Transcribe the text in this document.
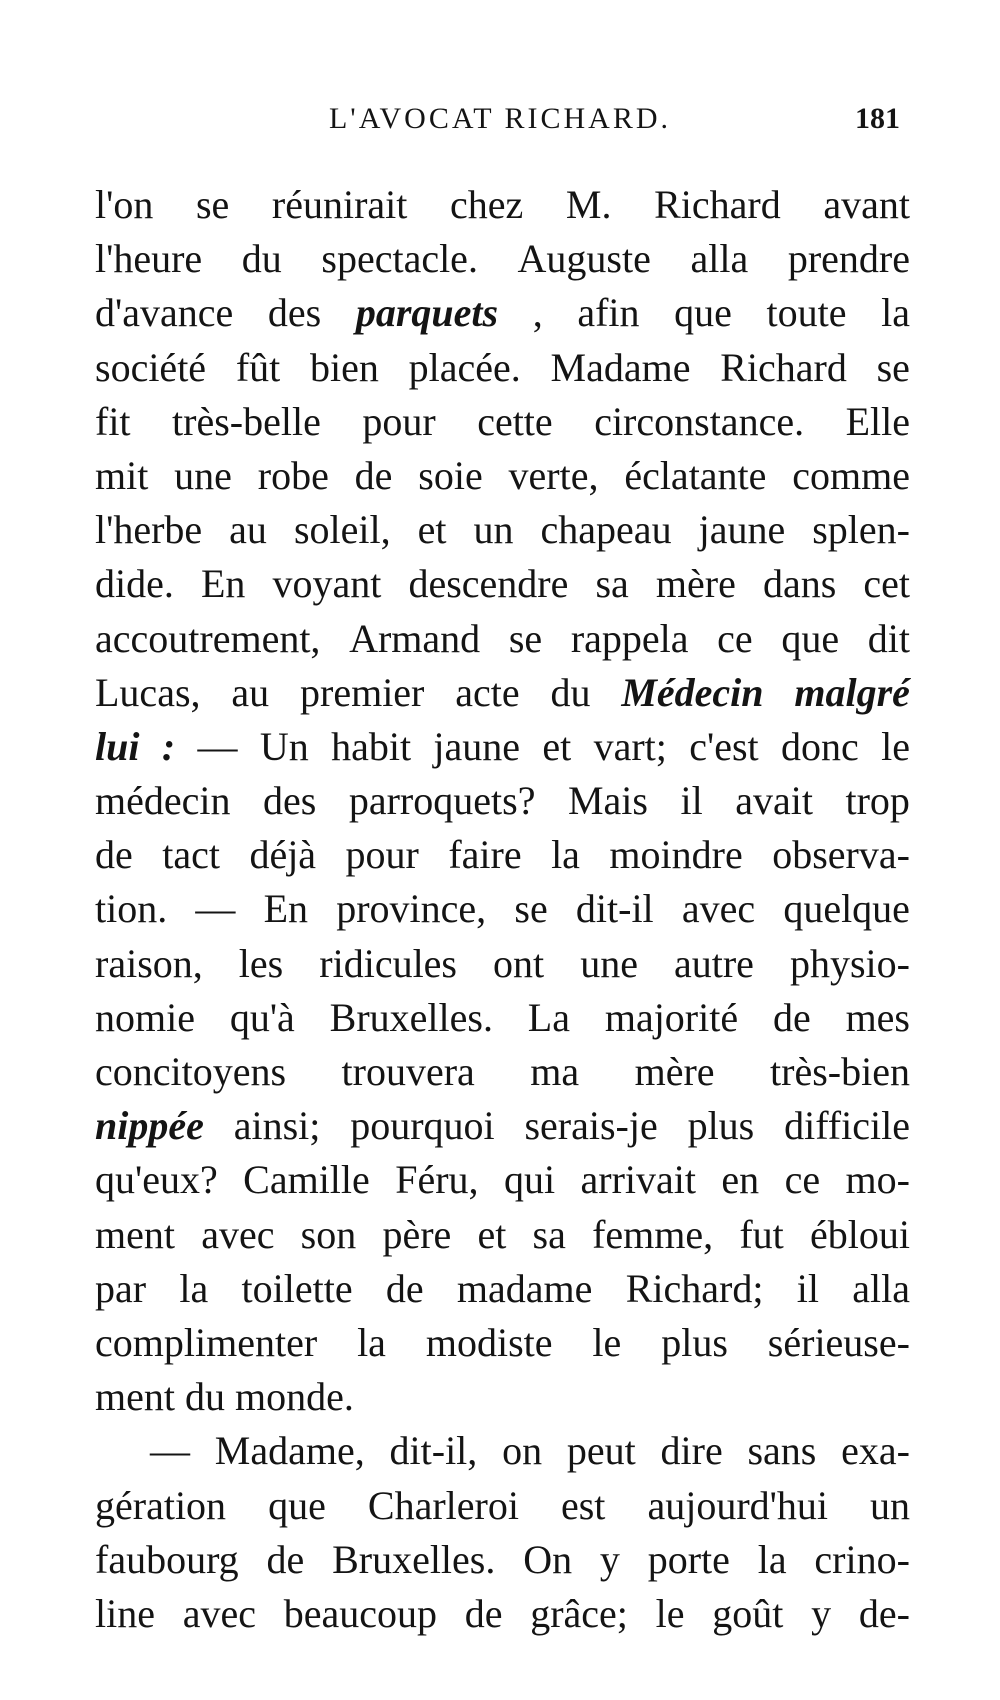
L'AVOCAT RICHARD.	181
l'on se réunirait chez M. Richard avant
l'heure du spectacle. Auguste alla prendre
d'avance des parquets , afin que toute la
société fût bien placée. Madame Richard se
fit très-belle pour cette circonstance. Elle
mit une robe de soie verte, éclatante comme
l'herbe au soleil, et un chapeau jaune splen-
dide. En voyant descendre sa mère dans cet
accoutrement, Armand se rappela ce que dit
Lucas, au premier acte du Médecin malgré
lui : — Un habit jaune et vart; c'est donc le
médecin des parroquets? Mais il avait trop
de tact déjà pour faire la moindre observa-
tion. — En province, se dit-il avec quelque
raison, les ridicules ont une autre physio-
nomie qu'à Bruxelles. La majorité de mes
concitoyens trouvera ma mère très-bien
nippée ainsi; pourquoi serais-je plus difficile
qu'eux? Camille Féru, qui arrivait en ce mo-
ment avec son père et sa femme, fut ébloui
par la toilette de madame Richard; il alla
complimenter la modiste le plus sérieuse-
ment du monde.
— Madame, dit-il, on peut dire sans exa-
gération que Charleroi est aujourd'hui un
faubourg de Bruxelles. On y porte la crino-
line avec beaucoup de grâce; le goût y de-
